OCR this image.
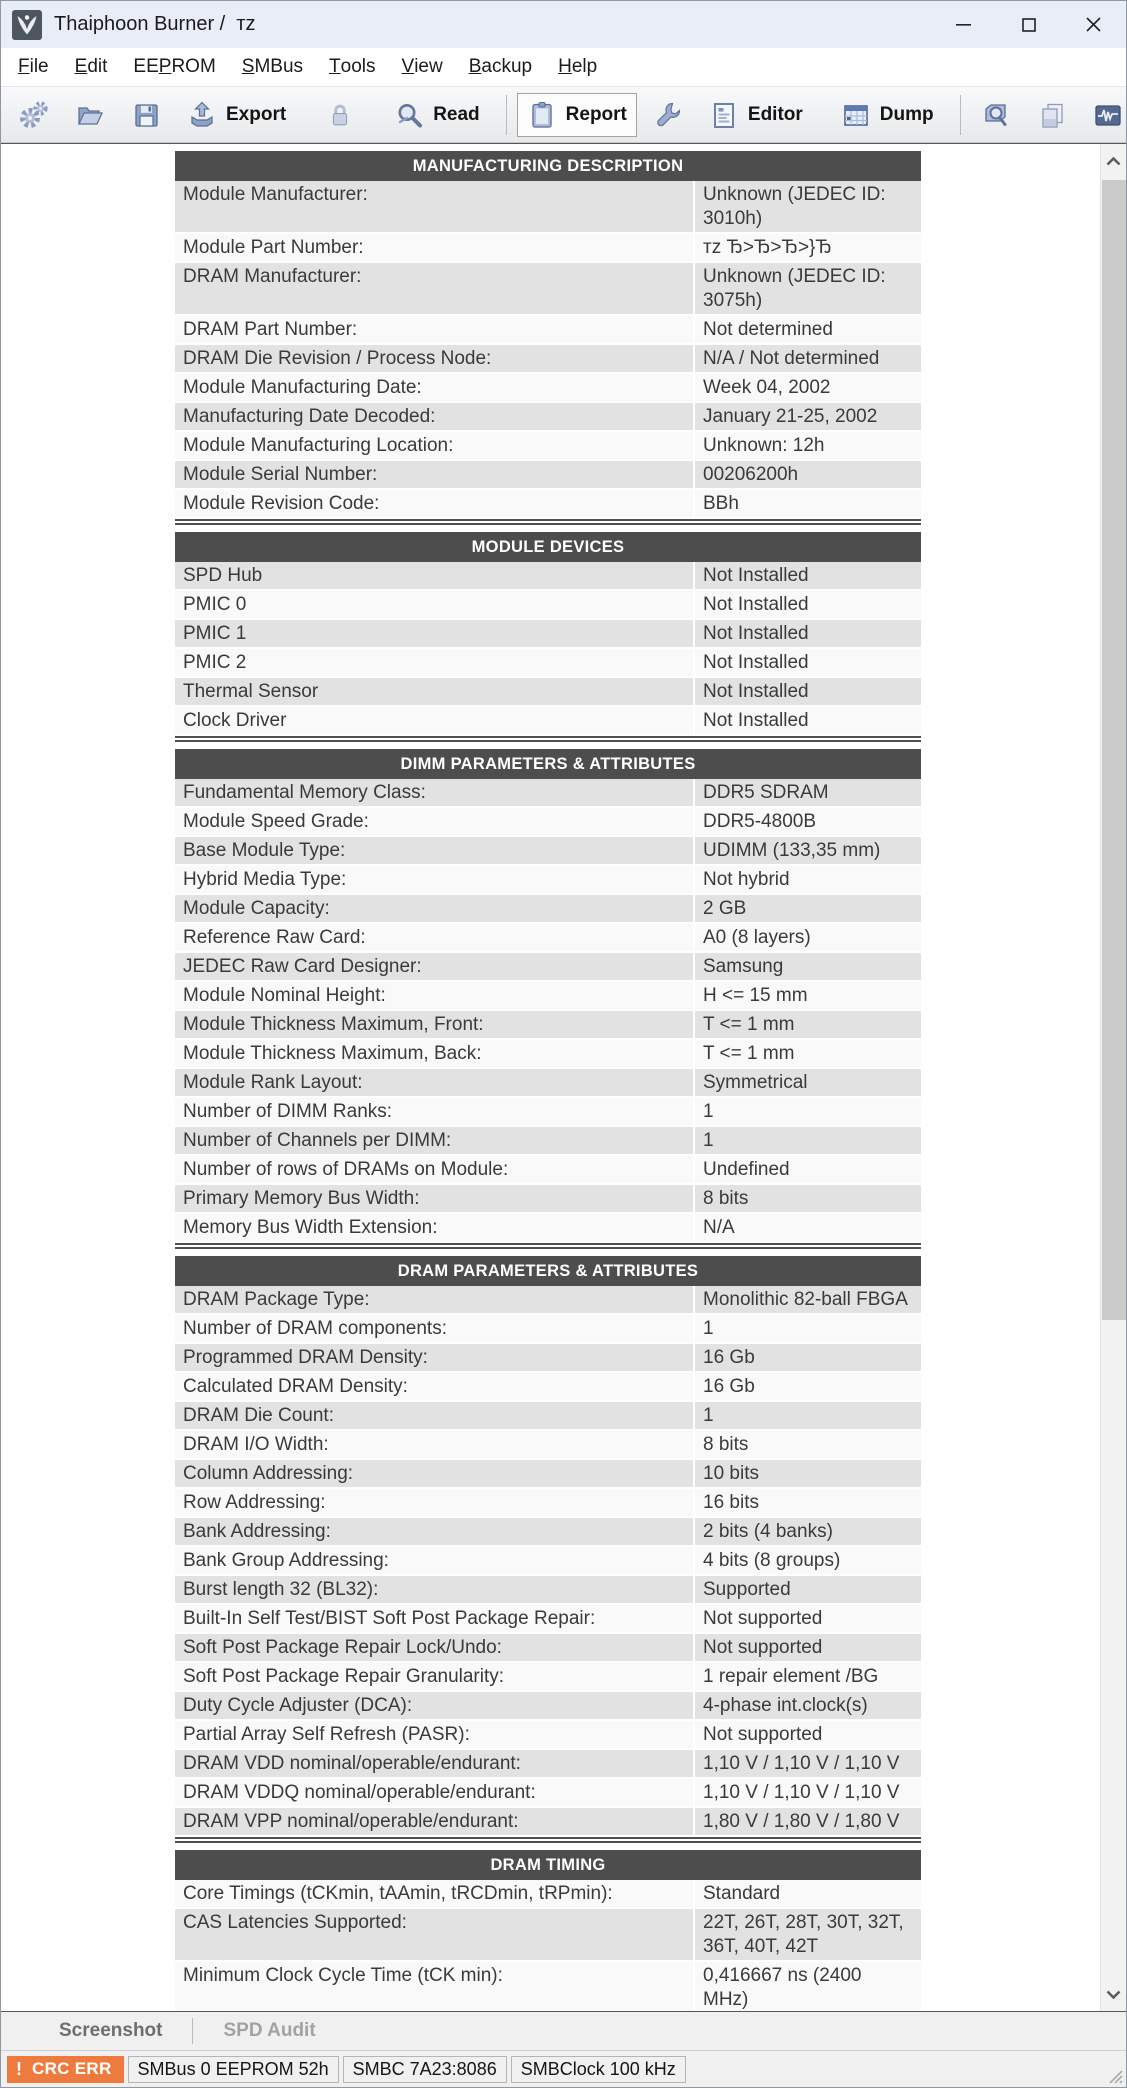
Thaiphoon Burner /  тz
F ile E dit EE P ROM S MBus T ools V iew B ackup H elp
Export	Read	Report	Editor	Dump
MANUFACTURING DESCRIPTION
Module Manufacturer:	Unknown (JEDEC ID: 3010h)
Module Part Number:	тz Ђ>Ђ>Ђ>}Ђ
DRAM Manufacturer:	Unknown (JEDEC ID: 3075h)
DRAM Part Number:	Not determined
DRAM Die Revision / Process Node:	N/A / Not determined
Module Manufacturing Date:	Week 04, 2002
Manufacturing Date Decoded:	January 21-25, 2002
Module Manufacturing Location:	Unknown: 12h
Module Serial Number:	00206200h
Module Revision Code:	BBh
MODULE DEVICES
SPD Hub	Not Installed
PMIC 0	Not Installed
PMIC 1	Not Installed
PMIC 2	Not Installed
Thermal Sensor	Not Installed
Clock Driver	Not Installed
DIMM PARAMETERS & ATTRIBUTES
Fundamental Memory Class:	DDR5 SDRAM
Module Speed Grade:	DDR5-4800B
Base Module Type:	UDIMM (133,35 mm)
Hybrid Media Type:	Not hybrid
Module Capacity:	2 GB
Reference Raw Card:	A0 (8 layers)
JEDEC Raw Card Designer:	Samsung
Module Nominal Height:	H <= 15 mm
Module Thickness Maximum, Front:	T <= 1 mm
Module Thickness Maximum, Back:	T <= 1 mm
Module Rank Layout:	Symmetrical
Number of DIMM Ranks:	1
Number of Channels per DIMM:	1
Number of rows of DRAMs on Module:	Undefined
Primary Memory Bus Width:	8 bits
Memory Bus Width Extension:	N/A
DRAM PARAMETERS & ATTRIBUTES
DRAM Package Type:	Monolithic 82-ball FBGA
Number of DRAM components:	1
Programmed DRAM Density:	16 Gb
Calculated DRAM Density:	16 Gb
DRAM Die Count:	1
DRAM I/O Width:	8 bits
Column Addressing:	10 bits
Row Addressing:	16 bits
Bank Addressing:	2 bits (4 banks)
Bank Group Addressing:	4 bits (8 groups)
Burst length 32 (BL32):	Supported
Built-In Self Test/BIST Soft Post Package Repair:	Not supported
Soft Post Package Repair Lock/Undo:	Not supported
Soft Post Package Repair Granularity:	1 repair element /BG
Duty Cycle Adjuster (DCA):	4-phase int.clock(s)
Partial Array Self Refresh (PASR):	Not supported
DRAM VDD nominal/operable/endurant:	1,10 V / 1,10 V / 1,10 V
DRAM VDDQ nominal/operable/endurant:	1,10 V / 1,10 V / 1,10 V
DRAM VPP nominal/operable/endurant:	1,80 V / 1,80 V / 1,80 V
DRAM TIMING
Core Timings (tCKmin, tAAmin, tRCDmin, tRPmin):	Standard
CAS Latencies Supported:	22T, 26T, 28T, 30T, 32T, 36T, 40T, 42T
Minimum Clock Cycle Time (tCK min):	0,416667 ns (2400 MHz)
Screenshot	SPD Audit
! CRC ERR	SMBus 0 EEPROM 52h	SMBC 7A23:8086	SMBClock 100 kHz
